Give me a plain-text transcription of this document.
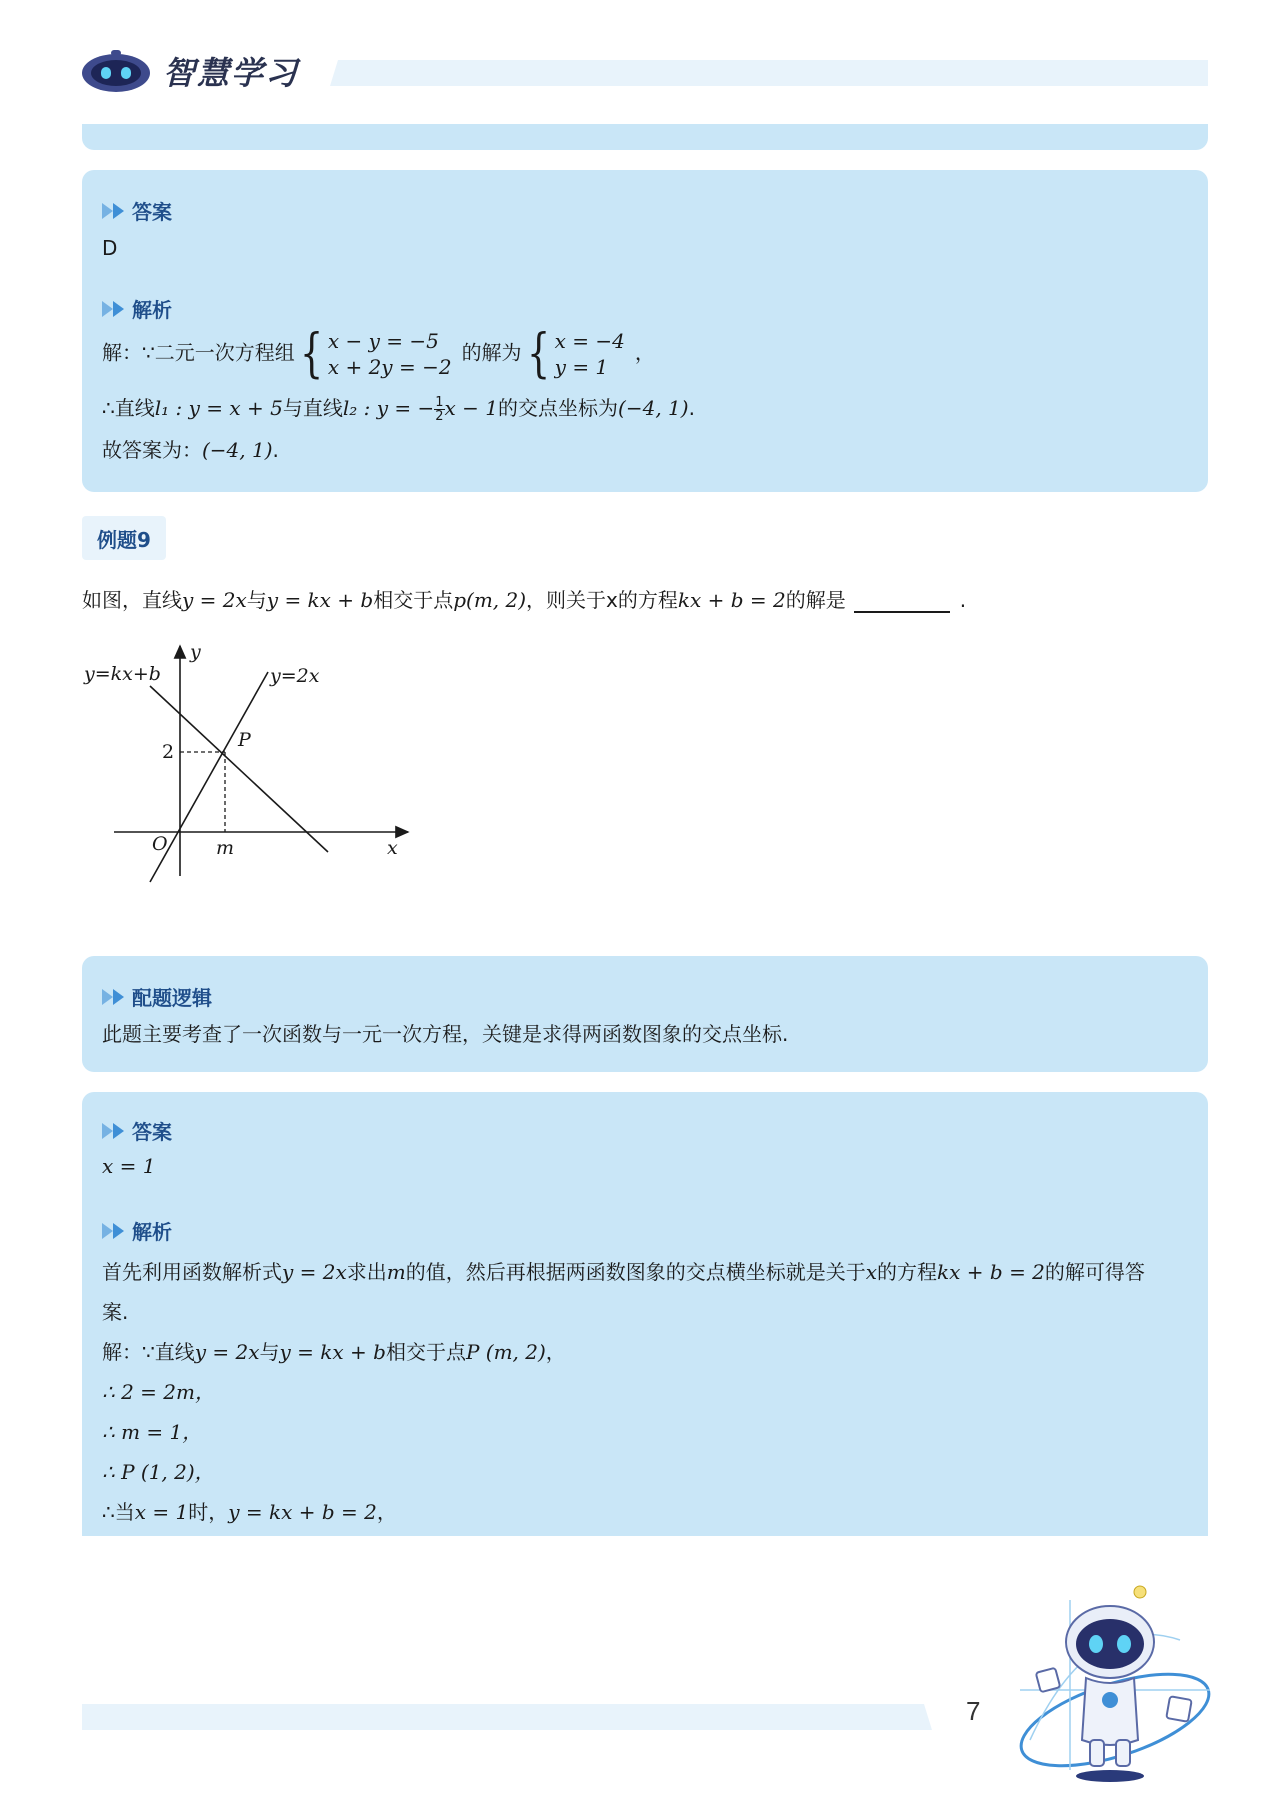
智慧学习
答案
D
解析
解：∵二元一次方程组{ x − y = −5
x + 2y = −2
的解为{ x = −4
y = 1
，
∴直线l₁ : y = x + 5与直线l₂ : y = − $\frac{1}{2}$ x − 1的交点坐标为(−4, 1).
故答案为：(−4, 1).
例题9
如图，直线y = 2x与y = kx + b相交于点p(m, 2)，则关于x的方程kx + b = 2的解是	.
y=kx+b	y=2x
y
x
O	m
2
P
配题逻辑
此题主要考查了一次函数与一元一次方程，关键是求得两函数图象的交点坐标.
答案
x = 1
解析
首先利用函数解析式y = 2x求出m的值，然后再根据两函数图象的交点横坐标就是关于x的方程kx + b = 2的解可得答
案.
解：∵直线y = 2x与y = kx + b相交于点P (m, 2)，
∴ 2 = 2m，
∴ m = 1，
∴ P (1, 2)，
∴当x = 1时，y = kx + b = 2，
7
